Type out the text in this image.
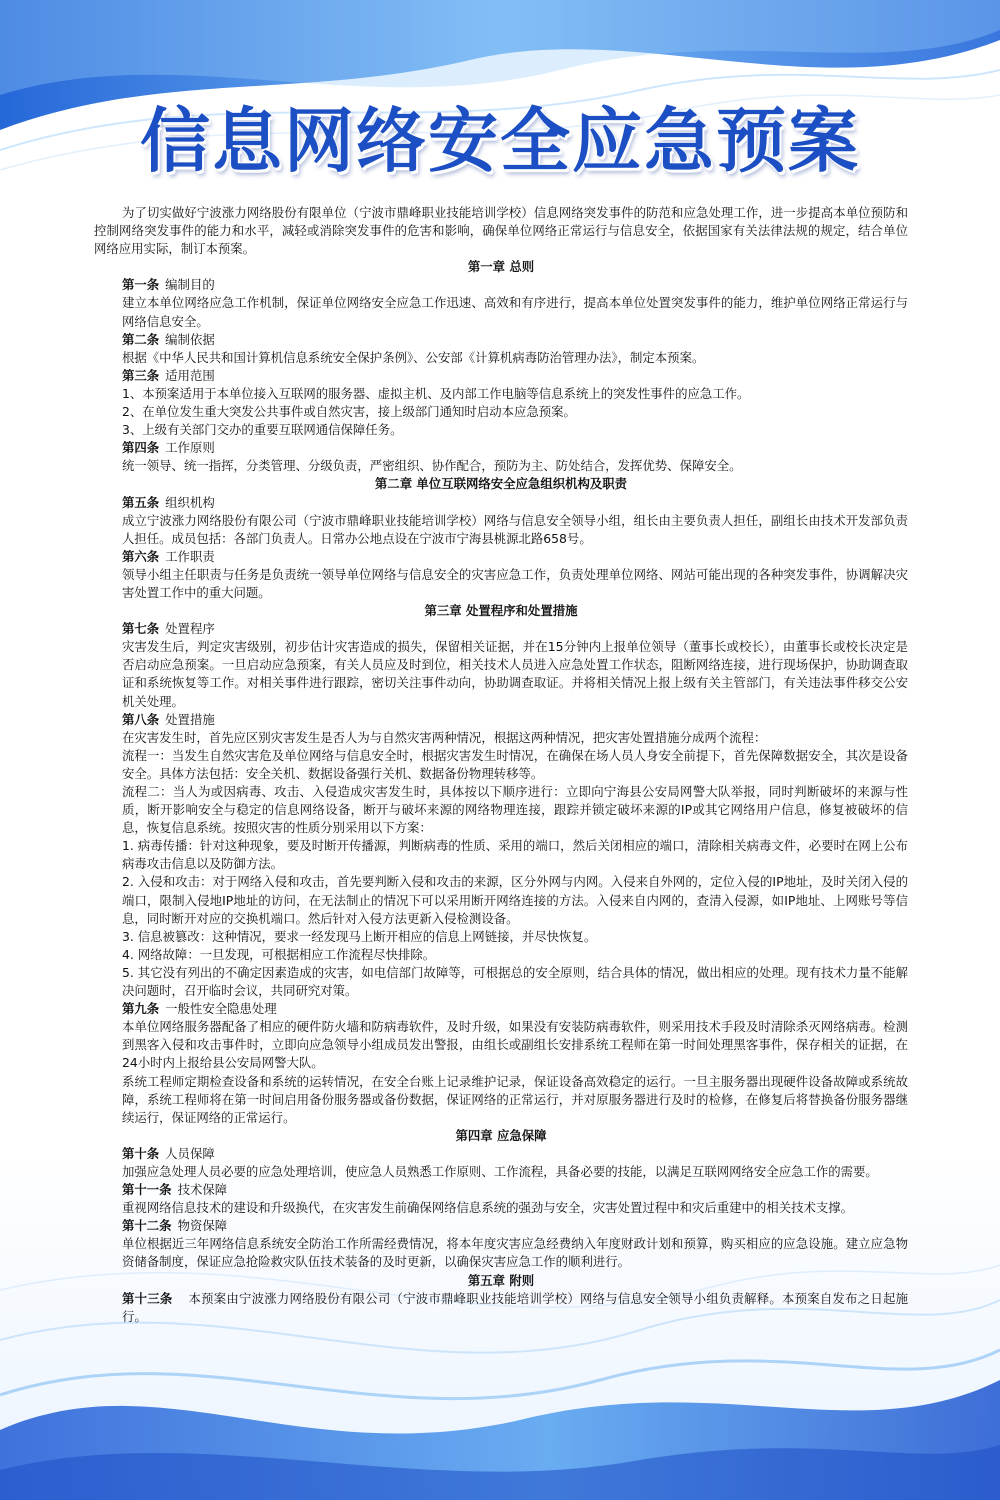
信息网络安全应急预案

为了切实做好宁波涨力网络股份有限单位（宁波市鼎峰职业技能培训学校）信息网络突发事件的防范和应急处理工作，进一步提高本单位预防和控制网络突发事件的能力和水平，减轻或消除突发事件的危害和影响，确保单位网络正常运行与信息安全，依据国家有关法律法规的规定，结合单位网络应用实际，制订本预案。

第一章 总则

第一条 编制目的

建立本单位网络应急工作机制，保证单位网络安全应急工作迅速、高效和有序进行，提高本单位处置突发事件的能力，维护单位网络正常运行与网络信息安全。

第二条 编制依据

根据《中华人民共和国计算机信息系统安全保护条例》、公安部《计算机病毒防治管理办法》，制定本预案。

第三条 适用范围

1、本预案适用于本单位接入互联网的服务器、虚拟主机、及内部工作电脑等信息系统上的突发性事件的应急工作。

2、在单位发生重大突发公共事件或自然灾害，接上级部门通知时启动本应急预案。

3、上级有关部门交办的重要互联网通信保障任务。

第四条 工作原则

统一领导、统一指挥，分类管理、分级负责，严密组织、协作配合，预防为主、防处结合，发挥优势、保障安全。

第二章 单位互联网络安全应急组织机构及职责

第五条 组织机构

成立宁波涨力网络股份有限公司（宁波市鼎峰职业技能培训学校）网络与信息安全领导小组，组长由主要负责人担任，副组长由技术开发部负责人担任。成员包括：各部门负责人。日常办公地点设在宁波市宁海县桃源北路658号。

第六条 工作职责

领导小组主任职责与任务是负责统一领导单位网络与信息安全的灾害应急工作，负责处理单位网络、网站可能出现的各种突发事件，协调解决灾害处置工作中的重大问题。

第三章 处置程序和处置措施

第七条 处置程序

灾害发生后，判定灾害级别，初步估计灾害造成的损失，保留相关证据，并在15分钟内上报单位领导（董事长或校长），由董事长或校长决定是否启动应急预案。一旦启动应急预案，有关人员应及时到位，相关技术人员进入应急处置工作状态，阻断网络连接，进行现场保护，协助调查取证和系统恢复等工作。对相关事件进行跟踪，密切关注事件动向，协助调查取证。并将相关情况上报上级有关主管部门，有关违法事件移交公安机关处理。

第八条 处置措施

在灾害发生时，首先应区别灾害发生是否人为与自然灾害两种情况，根据这两种情况，把灾害处置措施分成两个流程：

流程一：当发生自然灾害危及单位网络与信息安全时，根据灾害发生时情况，在确保在场人员人身安全前提下，首先保障数据安全，其次是设备安全。具体方法包括：安全关机、数据设备强行关机、数据备份物理转移等。

流程二：当人为或因病毒、攻击、入侵造成灾害发生时，具体按以下顺序进行：立即向宁海县公安局网警大队举报，同时判断破坏的来源与性质，断开影响安全与稳定的信息网络设备，断开与破坏来源的网络物理连接，跟踪并锁定破坏来源的IP或其它网络用户信息，修复被破坏的信息，恢复信息系统。按照灾害的性质分别采用以下方案：

1. 病毒传播：针对这种现象，要及时断开传播源，判断病毒的性质、采用的端口，然后关闭相应的端口，清除相关病毒文件，必要时在网上公布病毒攻击信息以及防御方法。

2. 入侵和攻击：对于网络入侵和攻击，首先要判断入侵和攻击的来源，区分外网与内网。入侵来自外网的，定位入侵的IP地址，及时关闭入侵的端口，限制入侵地IP地址的访问，在无法制止的情况下可以采用断开网络连接的方法。入侵来自内网的，查清入侵源，如IP地址、上网账号等信息，同时断开对应的交换机端口。然后针对入侵方法更新入侵检测设备。

3. 信息被篡改：这种情况，要求一经发现马上断开相应的信息上网链接，并尽快恢复。

4. 网络故障：一旦发现，可根据相应工作流程尽快排除。

5. 其它没有列出的不确定因素造成的灾害，如电信部门故障等，可根据总的安全原则，结合具体的情况，做出相应的处理。现有技术力量不能解决问题时，召开临时会议，共同研究对策。

第九条 一般性安全隐患处理

本单位网络服务器配备了相应的硬件防火墙和防病毒软件，及时升级，如果没有安装防病毒软件，则采用技术手段及时清除杀灭网络病毒。检测到黑客入侵和攻击事件时，立即向应急领导小组成员发出警报，由组长或副组长安排系统工程师在第一时间处理黑客事件，保存相关的证据，在24小时内上报给县公安局网警大队。

系统工程师定期检查设备和系统的运转情况，在安全台账上记录维护记录，保证设备高效稳定的运行。一旦主服务器出现硬件设备故障或系统故障，系统工程师将在第一时间启用备份服务器或备份数据，保证网络的正常运行，并对原服务器进行及时的检修，在修复后将替换备份服务器继续运行，保证网络的正常运行。

第四章 应急保障

第十条 人员保障

加强应急处理人员必要的应急处理培训，使应急人员熟悉工作原则、工作流程，具备必要的技能，以满足互联网网络安全应急工作的需要。

第十一条 技术保障

重视网络信息技术的建设和升级换代，在灾害发生前确保网络信息系统的强劲与安全，灾害处置过程中和灾后重建中的相关技术支撑。

第十二条 物资保障

单位根据近三年网络信息系统安全防治工作所需经费情况，将本年度灾害应急经费纳入年度财政计划和预算，购买相应的应急设施。建立应急物资储备制度，保证应急抢险救灾队伍技术装备的及时更新，以确保灾害应急工作的顺利进行。

第五章 附则

第十三条 本预案由宁波涨力网络股份有限公司（宁波市鼎峰职业技能培训学校）网络与信息安全领导小组负责解释。本预案自发布之日起施行。
